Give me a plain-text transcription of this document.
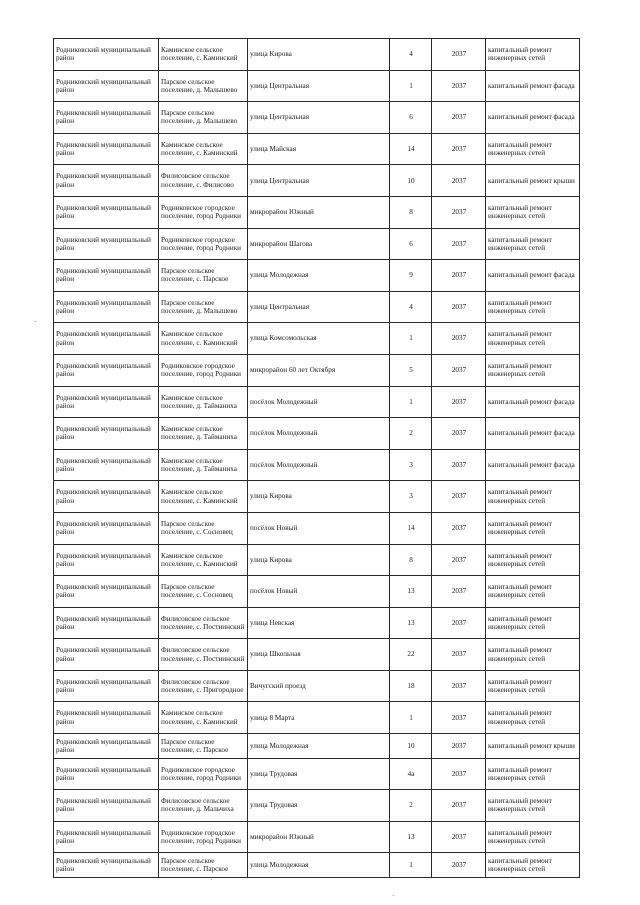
Родниковский муниципальный район	Каминское сельское поселение, с. Каминский	улица Кирова	4	2037	капитальный ремонт инженерных сетей
Родниковский муниципальный район	Парское сельское поселение, д. Малышево	улица Центральная	1	2037	капитальный ремонт фасада
Родниковский муниципальный район	Парское сельское поселение, д. Малышево	улица Центральная	6	2037	капитальный ремонт фасада
Родниковский муниципальный район	Каминское сельское поселение, с. Каминский	улица Майская	14	2037	капитальный ремонт инженерных сетей
Родниковский муниципальный район	Филисовское сельское поселение, с. Филисово	улица Центральная	10	2037	капитальный ремонт крыши
Родниковский муниципальный район	Родниковское городское поселение, город Родники	микрорайон Южный	8	2037	капитальный ремонт инженерных сетей
Родниковский муниципальный район	Родниковское городское поселение, город Родники	микрорайон Шагова	6	2037	капитальный ремонт инженерных сетей
Родниковский муниципальный район	Парское сельское поселение, с. Парское	улица Молодежная	9	2037	капитальный ремонт фасада
Родниковский муниципальный район	Парское сельское поселение, д. Малышево	улица Центральная	4	2037	капитальный ремонт инженерных сетей
Родниковский муниципальный район	Каминское сельское поселение, с. Каминский	улица Комсомольская	1	2037	капитальный ремонт инженерных сетей
Родниковский муниципальный район	Родниковское городское поселение, город Родники	микрорайон 60 лет Октября	5	2037	капитальный ремонт инженерных сетей
Родниковский муниципальный район	Каминское сельское поселение, д. Тайманиха	посёлок Молодежный	1	2037	капитальный ремонт фасада
Родниковский муниципальный район	Каминское сельское поселение, д. Тайманиха	посёлок Молодежный	2	2037	капитальный ремонт фасада
Родниковский муниципальный район	Каминское сельское поселение, д. Тайманиха	посёлок Молодежный	3	2037	капитальный ремонт фасада
Родниковский муниципальный район	Каминское сельское поселение, с. Каминский	улица Кирова	3	2037	капитальный ремонт инженерных сетей
Родниковский муниципальный район	Парское сельское поселение, с. Сосновец	посёлок Новый	14	2037	капитальный ремонт инженерных сетей
Родниковский муниципальный район	Каминское сельское поселение, с. Каминский	улица Кирова	8	2037	капитальный ремонт инженерных сетей
Родниковский муниципальный район	Парское сельское поселение, с. Сосновец	посёлок Новый	13	2037	капитальный ремонт инженерных сетей
Родниковский муниципальный район	Филисовское сельское поселение, с. Постнинский	улица Невская	13	2037	капитальный ремонт инженерных сетей
Родниковский муниципальный район	Филисовское сельское поселение, с. Постнинский	улица Школьная	22	2037	капитальный ремонт инженерных сетей
Родниковский муниципальный район	Филисовское сельское поселение, с. Пригородное	Вичугский проезд	18	2037	капитальный ремонт инженерных сетей
Родниковский муниципальный район	Каминское сельское поселение, с. Каминский	улица 8 Марта	1	2037	капитальный ремонт инженерных сетей
Родниковский муниципальный район	Парское сельское поселение, с. Парское	улица Молодежная	10	2037	капитальный ремонт крыши
Родниковский муниципальный район	Родниковское городское поселение, город Родники	улица Трудовая	4а	2037	капитальный ремонт инженерных сетей
Родниковский муниципальный район	Филисовское сельское поселение, д. Мальчиха	улица Трудовая	2	2037	капитальный ремонт инженерных сетей
Родниковский муниципальный район	Родниковское городское поселение, город Родники	микрорайон Южный	13	2037	капитальный ремонт инженерных сетей
Родниковский муниципальный район	Парское сельское поселение, с. Парское	улица Молодежная	1	2037	капитальный ремонт инженерных сетей
·
·
·
